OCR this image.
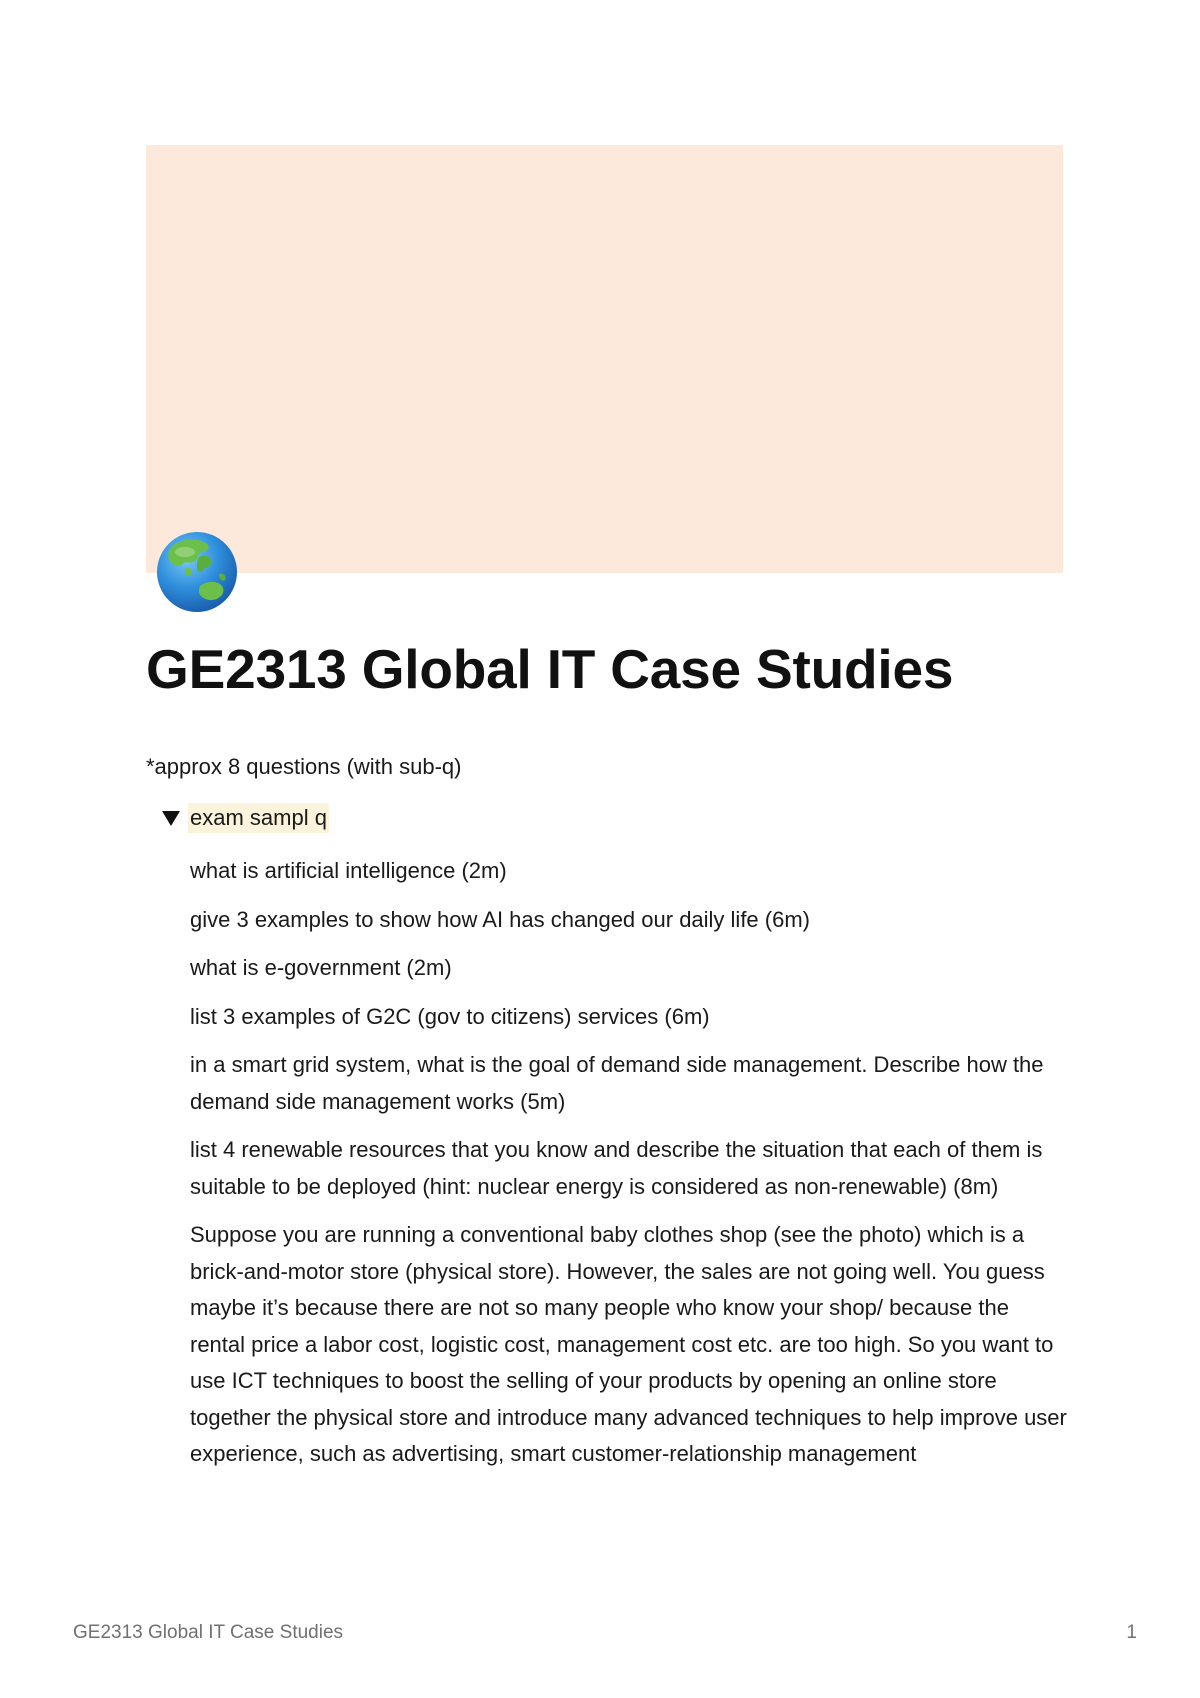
GE2313 Global IT Case Studies
*approx 8 questions (with sub-q)
exam sampl q
what is artificial intelligence (2m)
give 3 examples to show how AI has changed our daily life (6m)
what is e-government (2m)
list 3 examples of G2C (gov to citizens) services (6m)
in a smart grid system, what is the goal of demand side management. Describe how the demand side management works (5m)
list 4 renewable resources that you know and describe the situation that each of them is suitable to be deployed (hint: nuclear energy is considered as non-renewable) (8m)
Suppose you are running a conventional baby clothes shop (see the photo) which is a brick-and-motor store (physical store). However, the sales are not going well. You guess maybe it’s because there are not so many people who know your shop/ because the rental price a labor cost, logistic cost, management cost etc. are too high. So you want to use ICT techniques to boost the selling of your products by opening an online store together the physical store and introduce many advanced techniques to help improve user experience, such as advertising, smart customer-relationship management
GE2313 Global IT Case Studies	1
